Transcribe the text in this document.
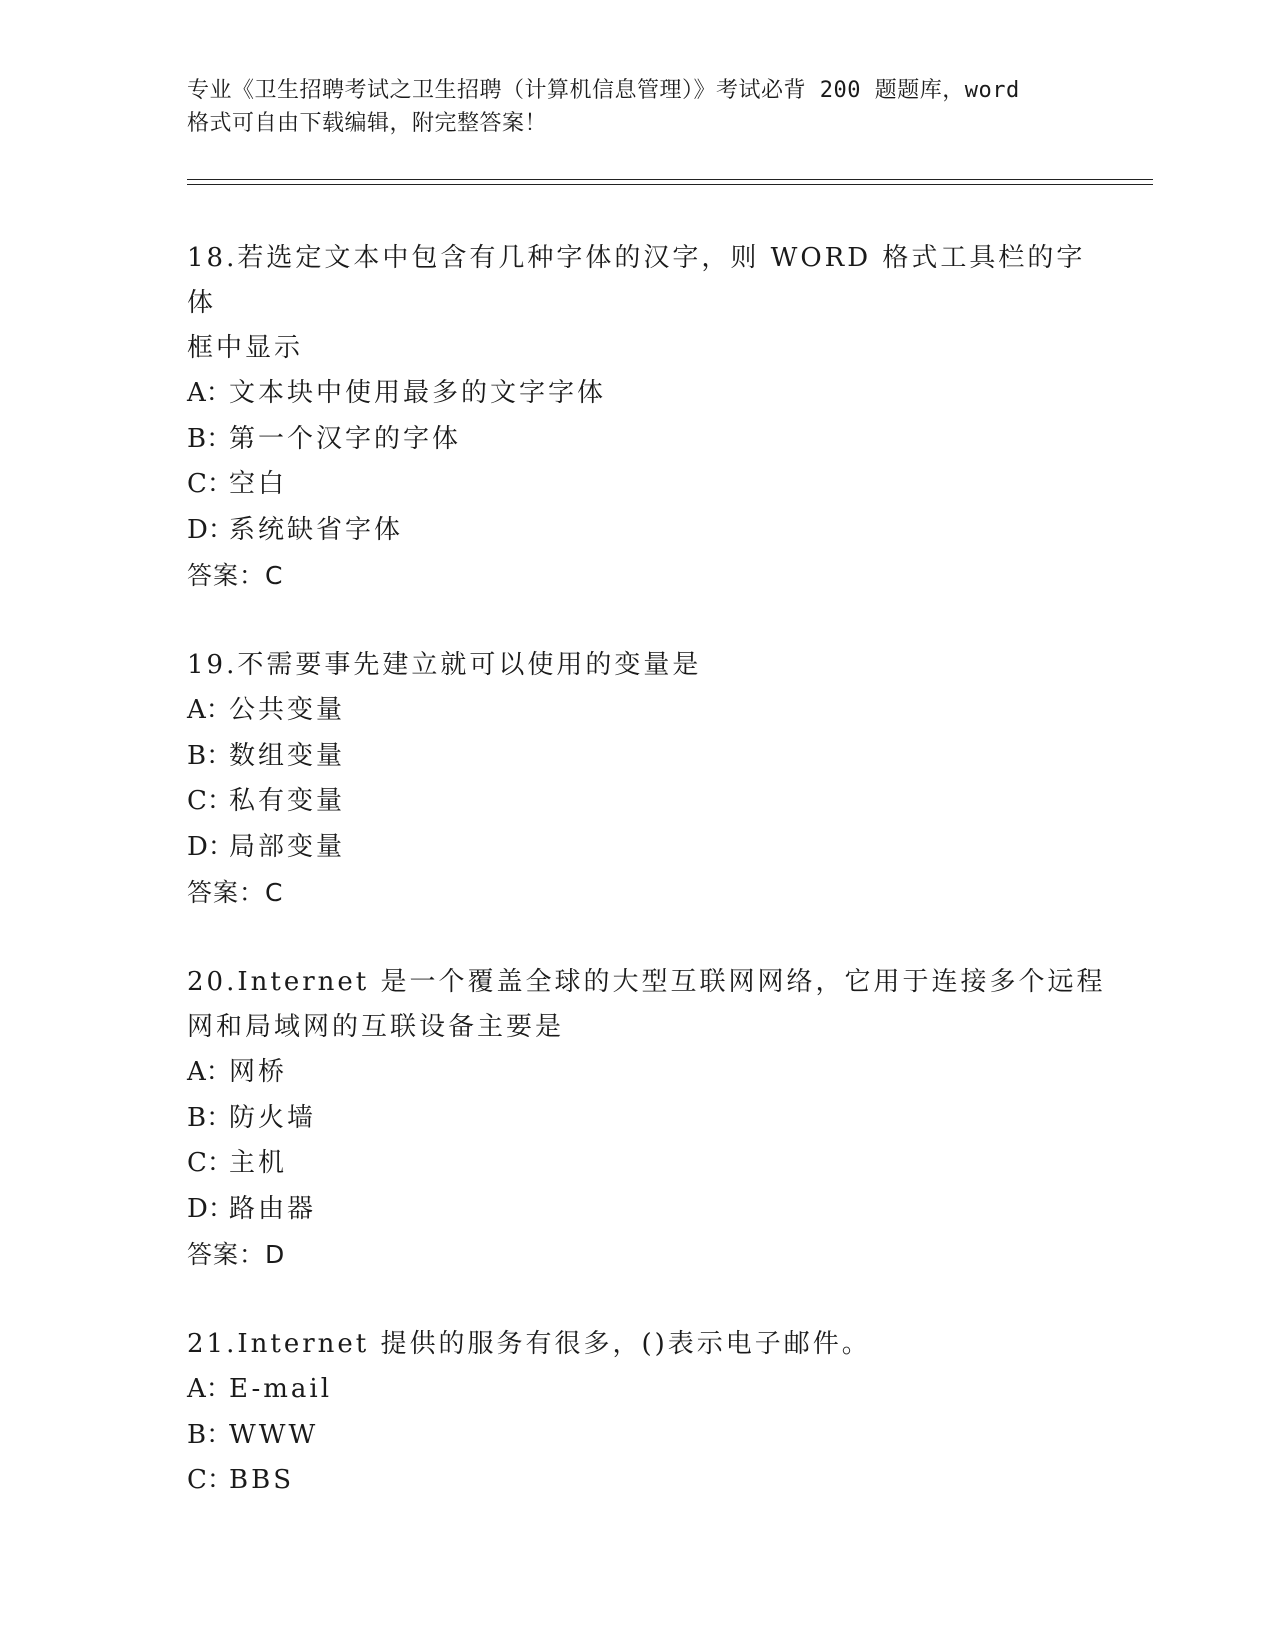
专业《卫生招聘考试之卫生招聘（计算机信息管理）》考试必背 200 题题库，word
格式可自由下载编辑，附完整答案！
18.若选定文本中包含有几种字体的汉字，则 WORD 格式工具栏的字体
框中显示
A：文本块中使用最多的文字字体
B：第一个汉字的字体
C：空白
D：系统缺省字体
答案：C
19.不需要事先建立就可以使用的变量是
A：公共变量
B：数组变量
C：私有变量
D：局部变量
答案：C
20.Internet 是一个覆盖全球的大型互联网网络，它用于连接多个远程
网和局域网的互联设备主要是
A：网桥
B：防火墙
C：主机
D：路由器
答案：D
21.Internet 提供的服务有很多，()表示电子邮件。
A：E-mail
B：WWW
C：BBS
